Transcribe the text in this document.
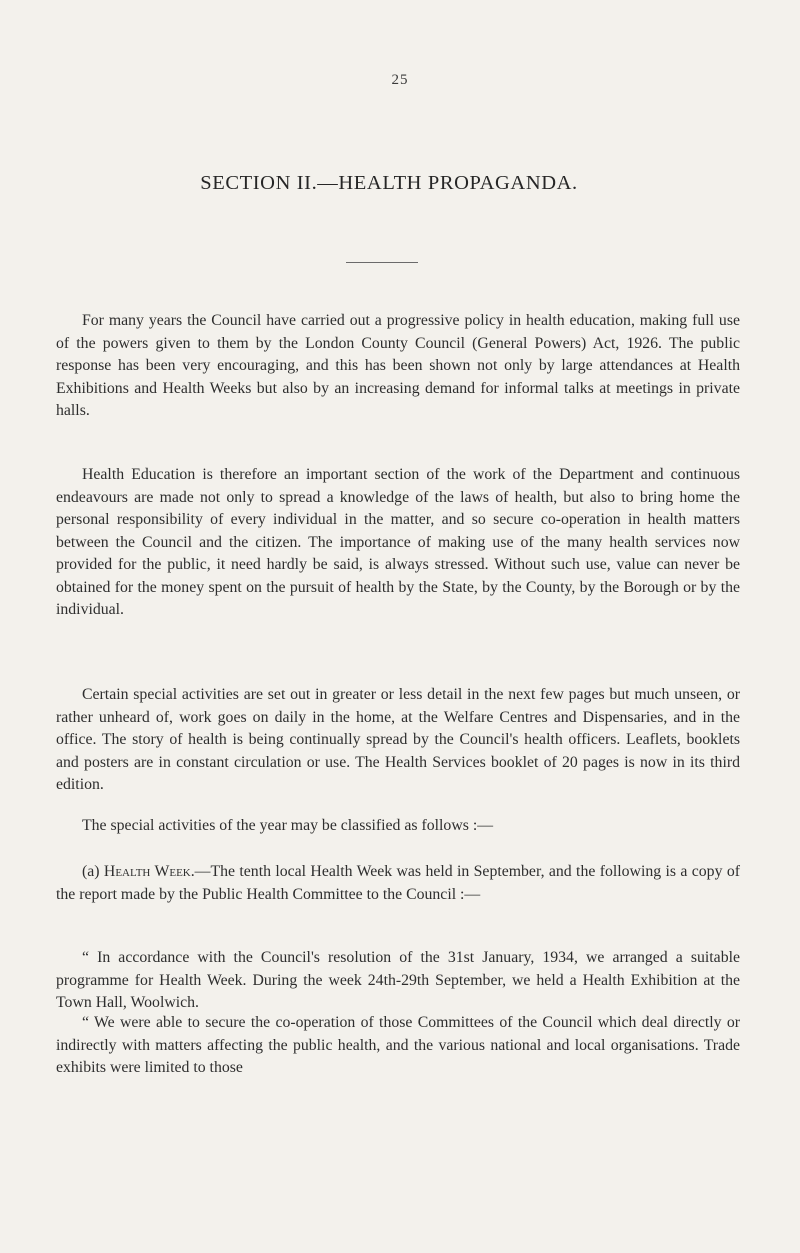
25
SECTION II.—HEALTH PROPAGANDA.

For many years the Council have carried out a progressive policy in health education, making full use of the powers given to them by the London County Council (General Powers) Act, 1926. The public response has been very encouraging, and this has been shown not only by large attendances at Health Exhibitions and Health Weeks but also by an increasing demand for informal talks at meetings in private halls.

Health Education is therefore an important section of the work of the Department and continuous endeavours are made not only to spread a knowledge of the laws of health, but also to bring home the personal responsibility of every individual in the matter, and so secure co-operation in health matters between the Council and the citizen. The importance of making use of the many health services now provided for the public, it need hardly be said, is always stressed. Without such use, value can never be obtained for the money spent on the pursuit of health by the State, by the County, by the Borough or by the individual.

Certain special activities are set out in greater or less detail in the next few pages but much unseen, or rather unheard of, work goes on daily in the home, at the Welfare Centres and Dispensaries, and in the office. The story of health is being continually spread by the Council's health officers. Leaflets, booklets and posters are in constant circulation or use. The Health Services booklet of 20 pages is now in its third edition.

The special activities of the year may be classified as follows :—

(a) Health Week.—The tenth local Health Week was held in September, and the following is a copy of the report made by the Public Health Committee to the Council :—

“ In accordance with the Council's resolution of the 31st January, 1934, we arranged a suitable programme for Health Week. During the week 24th-29th September, we held a Health Exhibition at the Town Hall, Woolwich.

“ We were able to secure the co-operation of those Committees of the Council which deal directly or indirectly with matters affecting the public health, and the various national and local organisations. Trade exhibits were limited to those
